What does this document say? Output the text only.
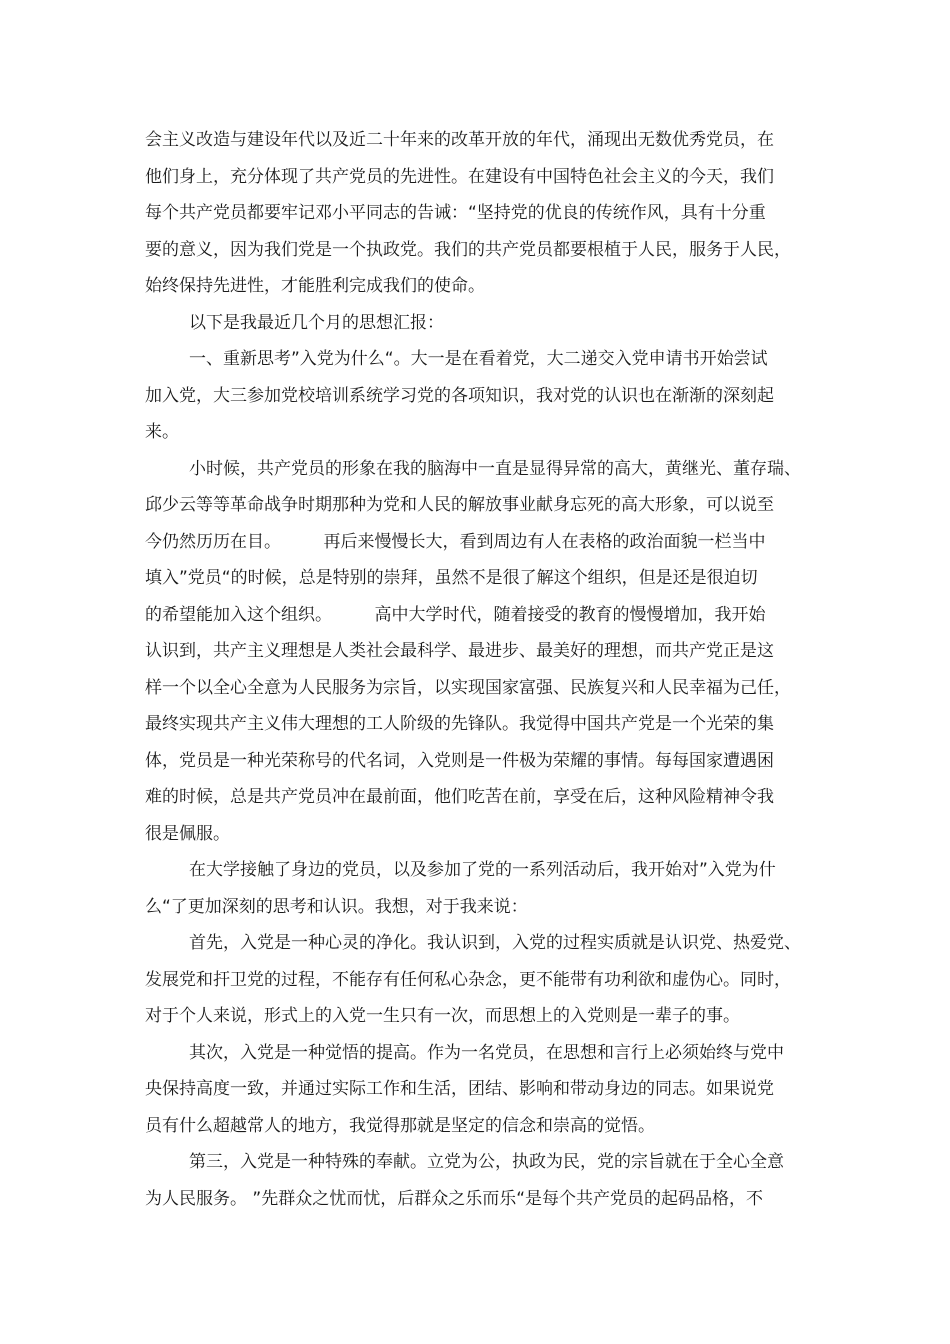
会主义改造与建设年代以及近二十年来的改革开放的年代，涌现出无数优秀党员，在
他们身上，充分体现了共产党员的先进性。在建设有中国特色社会主义的今天，我们
每个共产党员都要牢记邓小平同志的告诫：“坚持党的优良的传统作风，具有十分重
要的意义，因为我们党是一个执政党。我们的共产党员都要根植于人民，服务于人民，
始终保持先进性，才能胜利完成我们的使命。
以下是我最近几个月的思想汇报：
一、重新思考”入党为什么“。大一是在看着党，大二递交入党申请书开始尝试
加入党，大三参加党校培训系统学习党的各项知识，我对党的认识也在渐渐的深刻起
来。
小时候，共产党员的形象在我的脑海中一直是显得异常的高大，黄继光、董存瑞、
邱少云等等革命战争时期那种为党和人民的解放事业献身忘死的高大形象，可以说至
今仍然历历在目。　　　再后来慢慢长大，看到周边有人在表格的政治面貌一栏当中
填入”党员“的时候，总是特别的崇拜，虽然不是很了解这个组织，但是还是很迫切
的希望能加入这个组织。　　　高中大学时代，随着接受的教育的慢慢增加，我开始
认识到，共产主义理想是人类社会最科学、最进步、最美好的理想，而共产党正是这
样一个以全心全意为人民服务为宗旨，以实现国家富强、民族复兴和人民幸福为己任，
最终实现共产主义伟大理想的工人阶级的先锋队。我觉得中国共产党是一个光荣的集
体，党员是一种光荣称号的代名词，入党则是一件极为荣耀的事情。每每国家遭遇困
难的时候，总是共产党员冲在最前面，他们吃苦在前，享受在后，这种风险精神令我
很是佩服。
在大学接触了身边的党员，以及参加了党的一系列活动后，我开始对”入党为什
么“了更加深刻的思考和认识。我想，对于我来说：
首先，入党是一种心灵的净化。我认识到，入党的过程实质就是认识党、热爱党、
发展党和扞卫党的过程，不能存有任何私心杂念，更不能带有功利欲和虚伪心。同时，
对于个人来说，形式上的入党一生只有一次，而思想上的入党则是一辈子的事。
其次，入党是一种觉悟的提高。作为一名党员，在思想和言行上必须始终与党中
央保持高度一致，并通过实际工作和生活，团结、影响和带动身边的同志。如果说党
员有什么超越常人的地方，我觉得那就是坚定的信念和崇高的觉悟。
第三，入党是一种特殊的奉献。立党为公，执政为民，党的宗旨就在于全心全意
为人民服务。 ”先群众之忧而忧，后群众之乐而乐“是每个共产党员的起码品格，不
